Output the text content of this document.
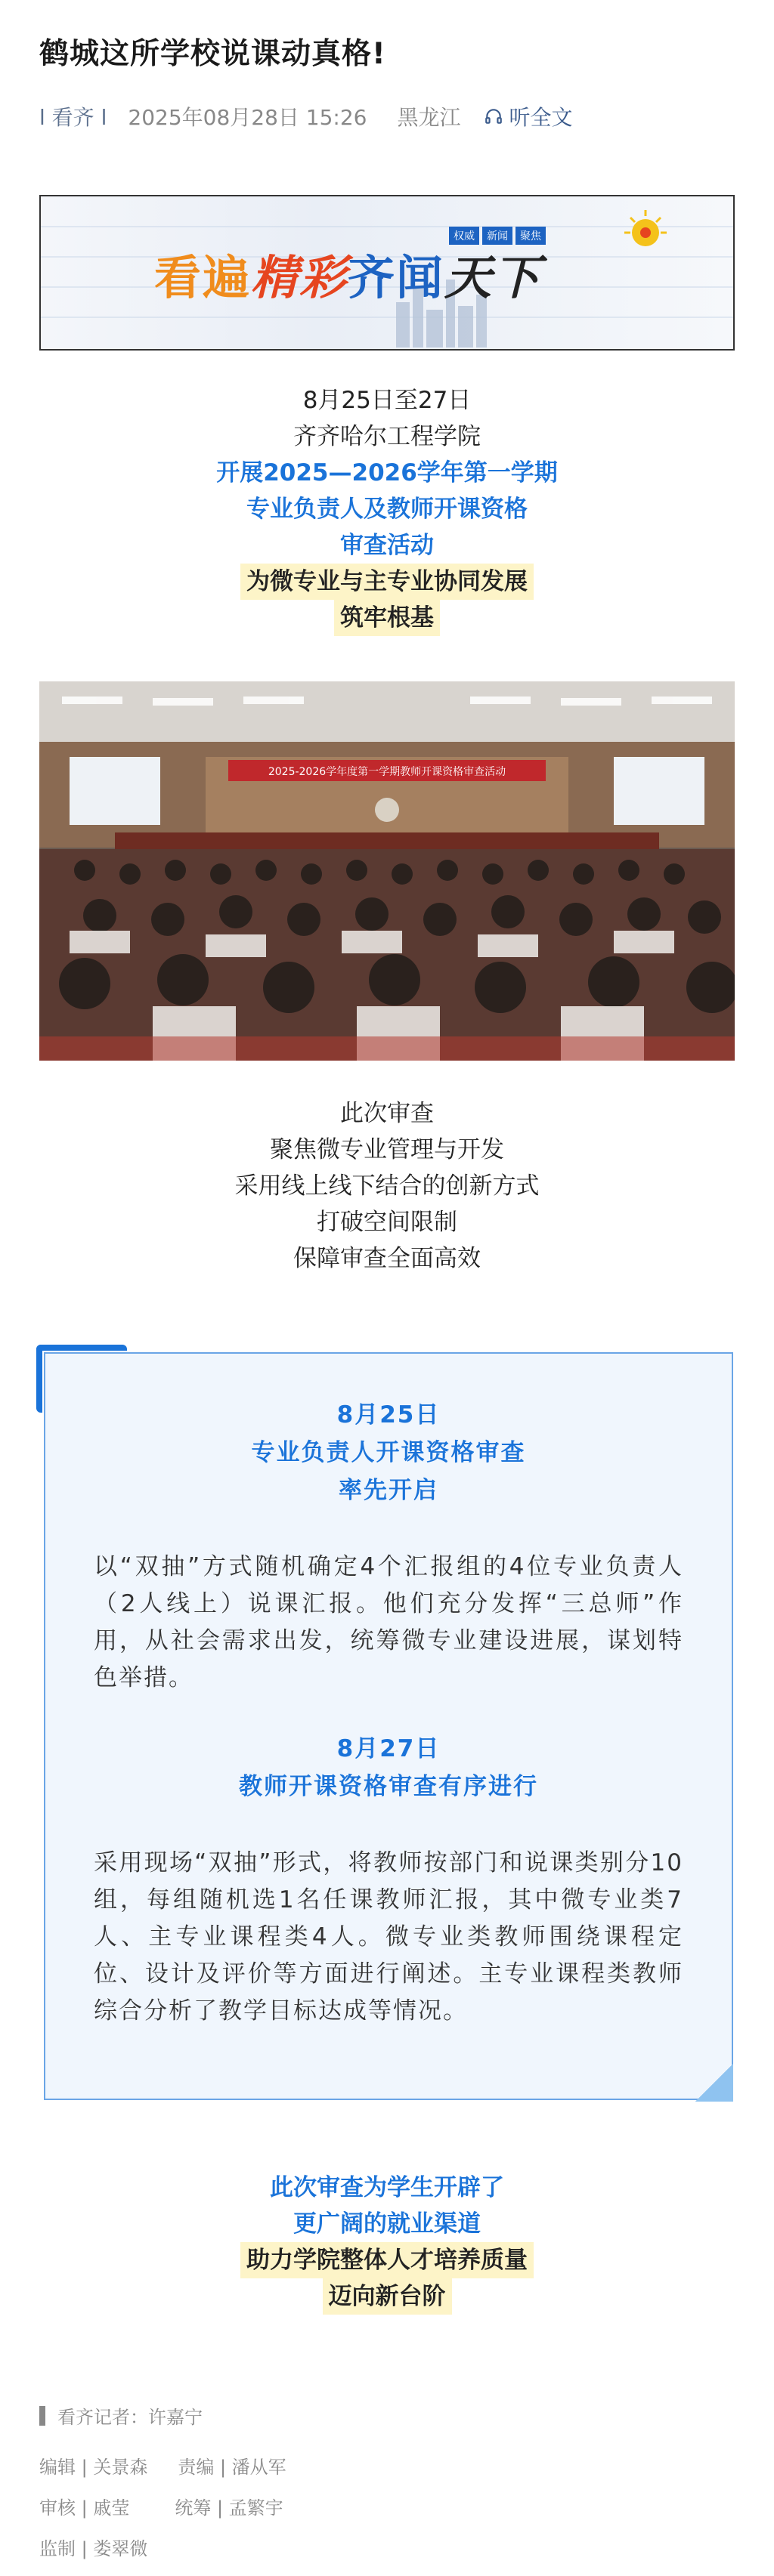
鹤城这所学校说课动真格!
l 看齐 l 2025年08月28日 15:26 黑龙江 听全文
权威	新闻	聚焦
看遍精彩齐闻天下
8月25日至27日
齐齐哈尔工程学院
开展2025—2026学年第一学期
专业负责人及教师开课资格
审查活动
为微专业与主专业协同发展
筑牢根基
2025-2026学年度第一学期教师开课资格审查活动
此次审查
聚焦微专业管理与开发
采用线上线下结合的创新方式
打破空间限制
保障审查全面高效
8月25日
专业负责人开课资格审查
率先开启
以“双抽”方式随机确定4个汇报组的4位专业负责人（2人线上）说课汇报。他们充分发挥“三总师”作用，从社会需求出发，统筹微专业建设进展，谋划特色举措。
8月27日
教师开课资格审查有序进行
采用现场“双抽”形式，将教师按部门和说课类别分10组，每组随机选1名任课教师汇报，其中微专业类7人、主专业课程类4人。微专业类教师围绕课程定位、设计及评价等方面进行阐述。主专业课程类教师综合分析了教学目标达成等情况。
此次审查为学生开辟了
更广阔的就业渠道
助力学院整体人才培养质量
迈向新台阶
看齐记者：许嘉宁
编辑 | 关景森 责编 | 潘从军
审核 | 戚莹	统筹 | 孟繁宇
监制 | 娄翠微
